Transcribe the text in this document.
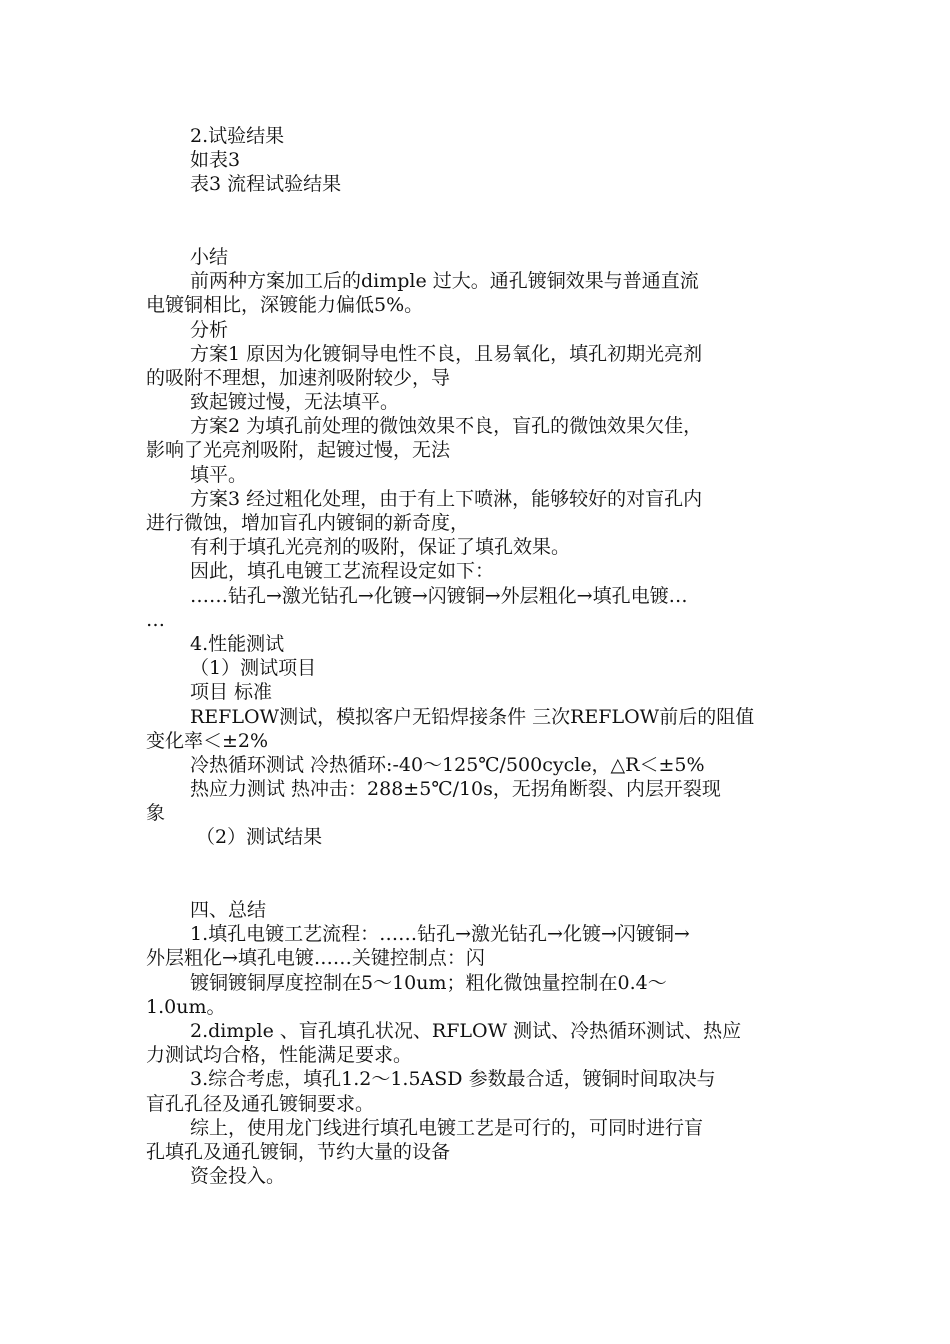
2.试验结果
如表3
表3 流程试验结果
小结
前两种方案加工后的dimple 过大。通孔镀铜效果与普通直流
电镀铜相比，深镀能力偏低5%。
分析
方案1 原因为化镀铜导电性不良，且易氧化，填孔初期光亮剂
的吸附不理想，加速剂吸附较少，导
致起镀过慢，无法填平。
方案2 为填孔前处理的微蚀效果不良，盲孔的微蚀效果欠佳，
影响了光亮剂吸附，起镀过慢，无法
填平。
方案3 经过粗化处理，由于有上下喷淋，能够较好的对盲孔内
进行微蚀，增加盲孔内镀铜的新奇度，
有利于填孔光亮剂的吸附，保证了填孔效果。
因此，填孔电镀工艺流程设定如下：
……钻孔→激光钻孔→化镀→闪镀铜→外层粗化→填孔电镀…
…
4.性能测试
（1）测试项目
项目 标准
REFLOW测试，模拟客户无铅焊接条件 三次REFLOW前后的阻值
变化率＜±2%
冷热循环测试 冷热循环:-40～125℃/500cycle，△R＜±5%
热应力测试 热冲击：288±5℃/10s，无拐角断裂、内层开裂现
象
（2）测试结果
四、总结
1.填孔电镀工艺流程：……钻孔→激光钻孔→化镀→闪镀铜→
外层粗化→填孔电镀……关键控制点：闪
镀铜镀铜厚度控制在5～10um；粗化微蚀量控制在0.4～
1.0um。
2.dimple 、盲孔填孔状况、RFLOW 测试、冷热循环测试、热应
力测试均合格，性能满足要求。
3.综合考虑，填孔1.2～1.5ASD 参数最合适，镀铜时间取决与
盲孔孔径及通孔镀铜要求。
综上，使用龙门线进行填孔电镀工艺是可行的，可同时进行盲
孔填孔及通孔镀铜，节约大量的设备
资金投入。
